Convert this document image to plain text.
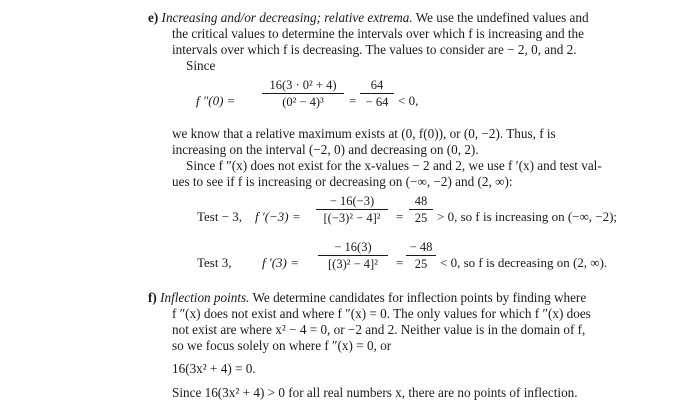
e) Increasing and/or decreasing; relative extrema. We use the undefined values and
the critical values to determine the intervals over which f is increasing and the
intervals over which f is decreasing. The values to consider are − 2, 0, and 2.
Since
f ″(0) =
16(3 · 0² + 4)
(0² − 4)³	=
64
− 64 < 0,
we know that a relative maximum exists at (0, f(0)), or (0, −2). Thus, f is
increasing on the interval (−2, 0) and decreasing on (0, 2).
Since f ″(x) does not exist for the x-values − 2 and 2, we use f ′(x) and test val-
ues to see if f is increasing or decreasing on (−∞, −2) and (2, ∞):
Test − 3, f ′(−3) =
− 16(−3)
[(−3)² − 4]²	=
48
25 > 0, so f is increasing on (−∞, −2);
Test 3, f ′(3) =
− 16(3)
[(3)² − 4]²	=
− 48
25 < 0, so f is decreasing on (2, ∞).
f) Inflection points. We determine candidates for inflection points by finding where
f ″(x) does not exist and where f ″(x) = 0. The only values for which f ″(x) does
not exist are where x² − 4 = 0, or −2 and 2. Neither value is in the domain of f,
so we focus solely on where f ″(x) = 0, or
16(3x² + 4) = 0.
Since 16(3x² + 4) > 0 for all real numbers x, there are no points of inflection.
